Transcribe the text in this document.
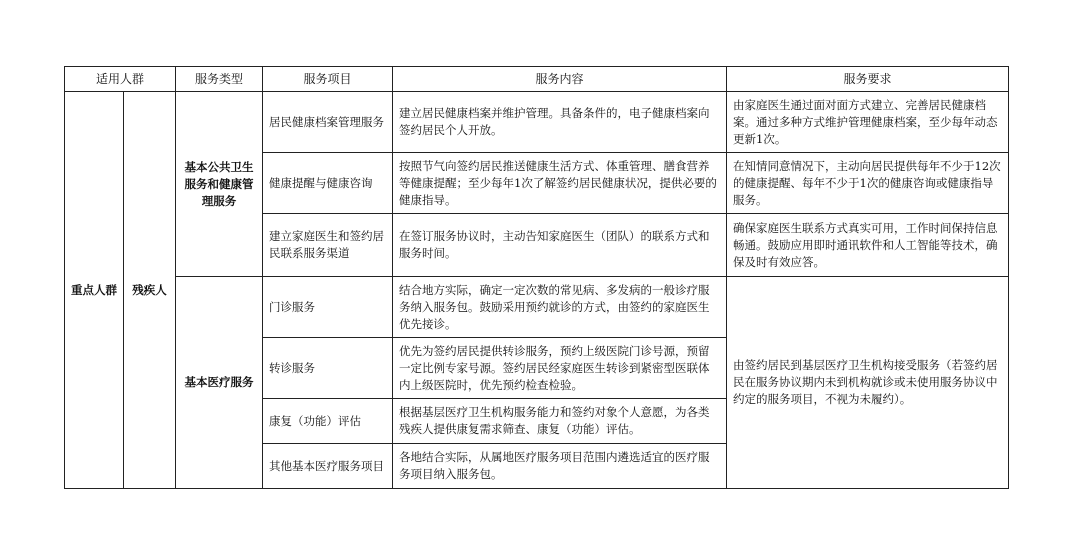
适用人群		服务类型	服务项目	服务内容	服务要求
重点人群	残疾人	基本公共卫生服务和健康管理服务	居民健康档案管理服务	建立居民健康档案并维护管理。具备条件的，电子健康档案向签约居民个人开放。	由家庭医生通过面对面方式建立、完善居民健康档案。通过多种方式维护管理健康档案，至少每年动态更新1次。
			健康提醒与健康咨询	按照节气向签约居民推送健康生活方式、体重管理、膳食营养等健康提醒；至少每年1次了解签约居民健康状况，提供必要的健康指导。	在知情同意情况下，主动向居民提供每年不少于12次的健康提醒、每年不少于1次的健康咨询或健康指导服务。
			建立家庭医生和签约居民联系服务渠道	在签订服务协议时，主动告知家庭医生（团队）的联系方式和服务时间。	确保家庭医生联系方式真实可用，工作时间保持信息畅通。鼓励应用即时通讯软件和人工智能等技术，确保及时有效应答。
		基本医疗服务	门诊服务	结合地方实际，确定一定次数的常见病、多发病的一般诊疗服务纳入服务包。鼓励采用预约就诊的方式，由签约的家庭医生优先接诊。	由签约居民到基层医疗卫生机构接受服务（若签约居民在服务协议期内未到机构就诊或未使用服务协议中约定的服务项目，不视为未履约）。
			转诊服务	优先为签约居民提供转诊服务，预约上级医院门诊号源，预留一定比例专家号源。签约居民经家庭医生转诊到紧密型医联体内上级医院时，优先预约检查检验。	
			康复（功能）评估	根据基层医疗卫生机构服务能力和签约对象个人意愿，为各类残疾人提供康复需求筛查、康复（功能）评估。	
			其他基本医疗服务项目	各地结合实际，从属地医疗服务项目范围内遴选适宜的医疗服务项目纳入服务包。	
